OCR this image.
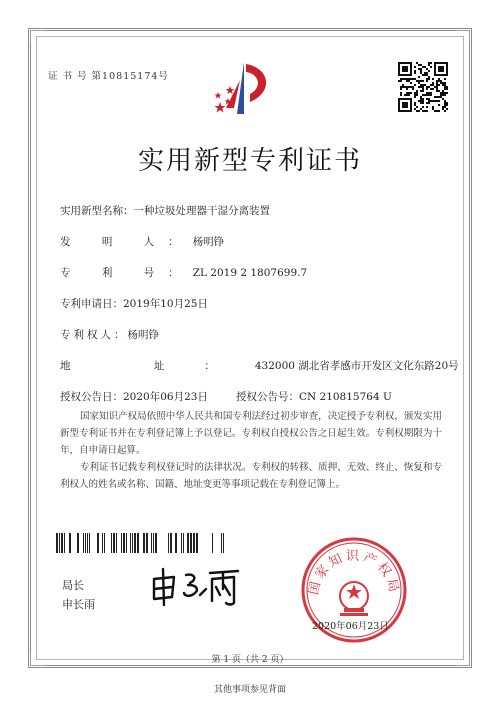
证 书 号 第10815174号
实用新型专利证书
实用新型名称：一种垃圾处理器干湿分离装置
发 明 人：杨明铮
专 利 号：ZL 2019 2 1807699.7
专利申请日：2019年10月25日
专利权人：杨明铮
地 址：432000 湖北省孝感市开发区文化东路20号
授权公告日：2020年06月23日	授权公告号：CN 210815764 U
国家知识产权局依照中华人民共和国专利法经过初步审查，决定授予专利权，颁发实用新型专利证书并在专利登记簿上予以登记。专利权自授权公告之日起生效。专利权期限为十年，自申请日起算。
专利证书记载专利权登记时的法律状况。专利权的转移、质押、无效、终止、恢复和专利权人的姓名或名称、国籍、地址变更等事项记载在专利登记簿上。
局长
申长雨
国家知识产权局
2020年06月23日
第 1 页（共 2 页）
其他事项参见背面
